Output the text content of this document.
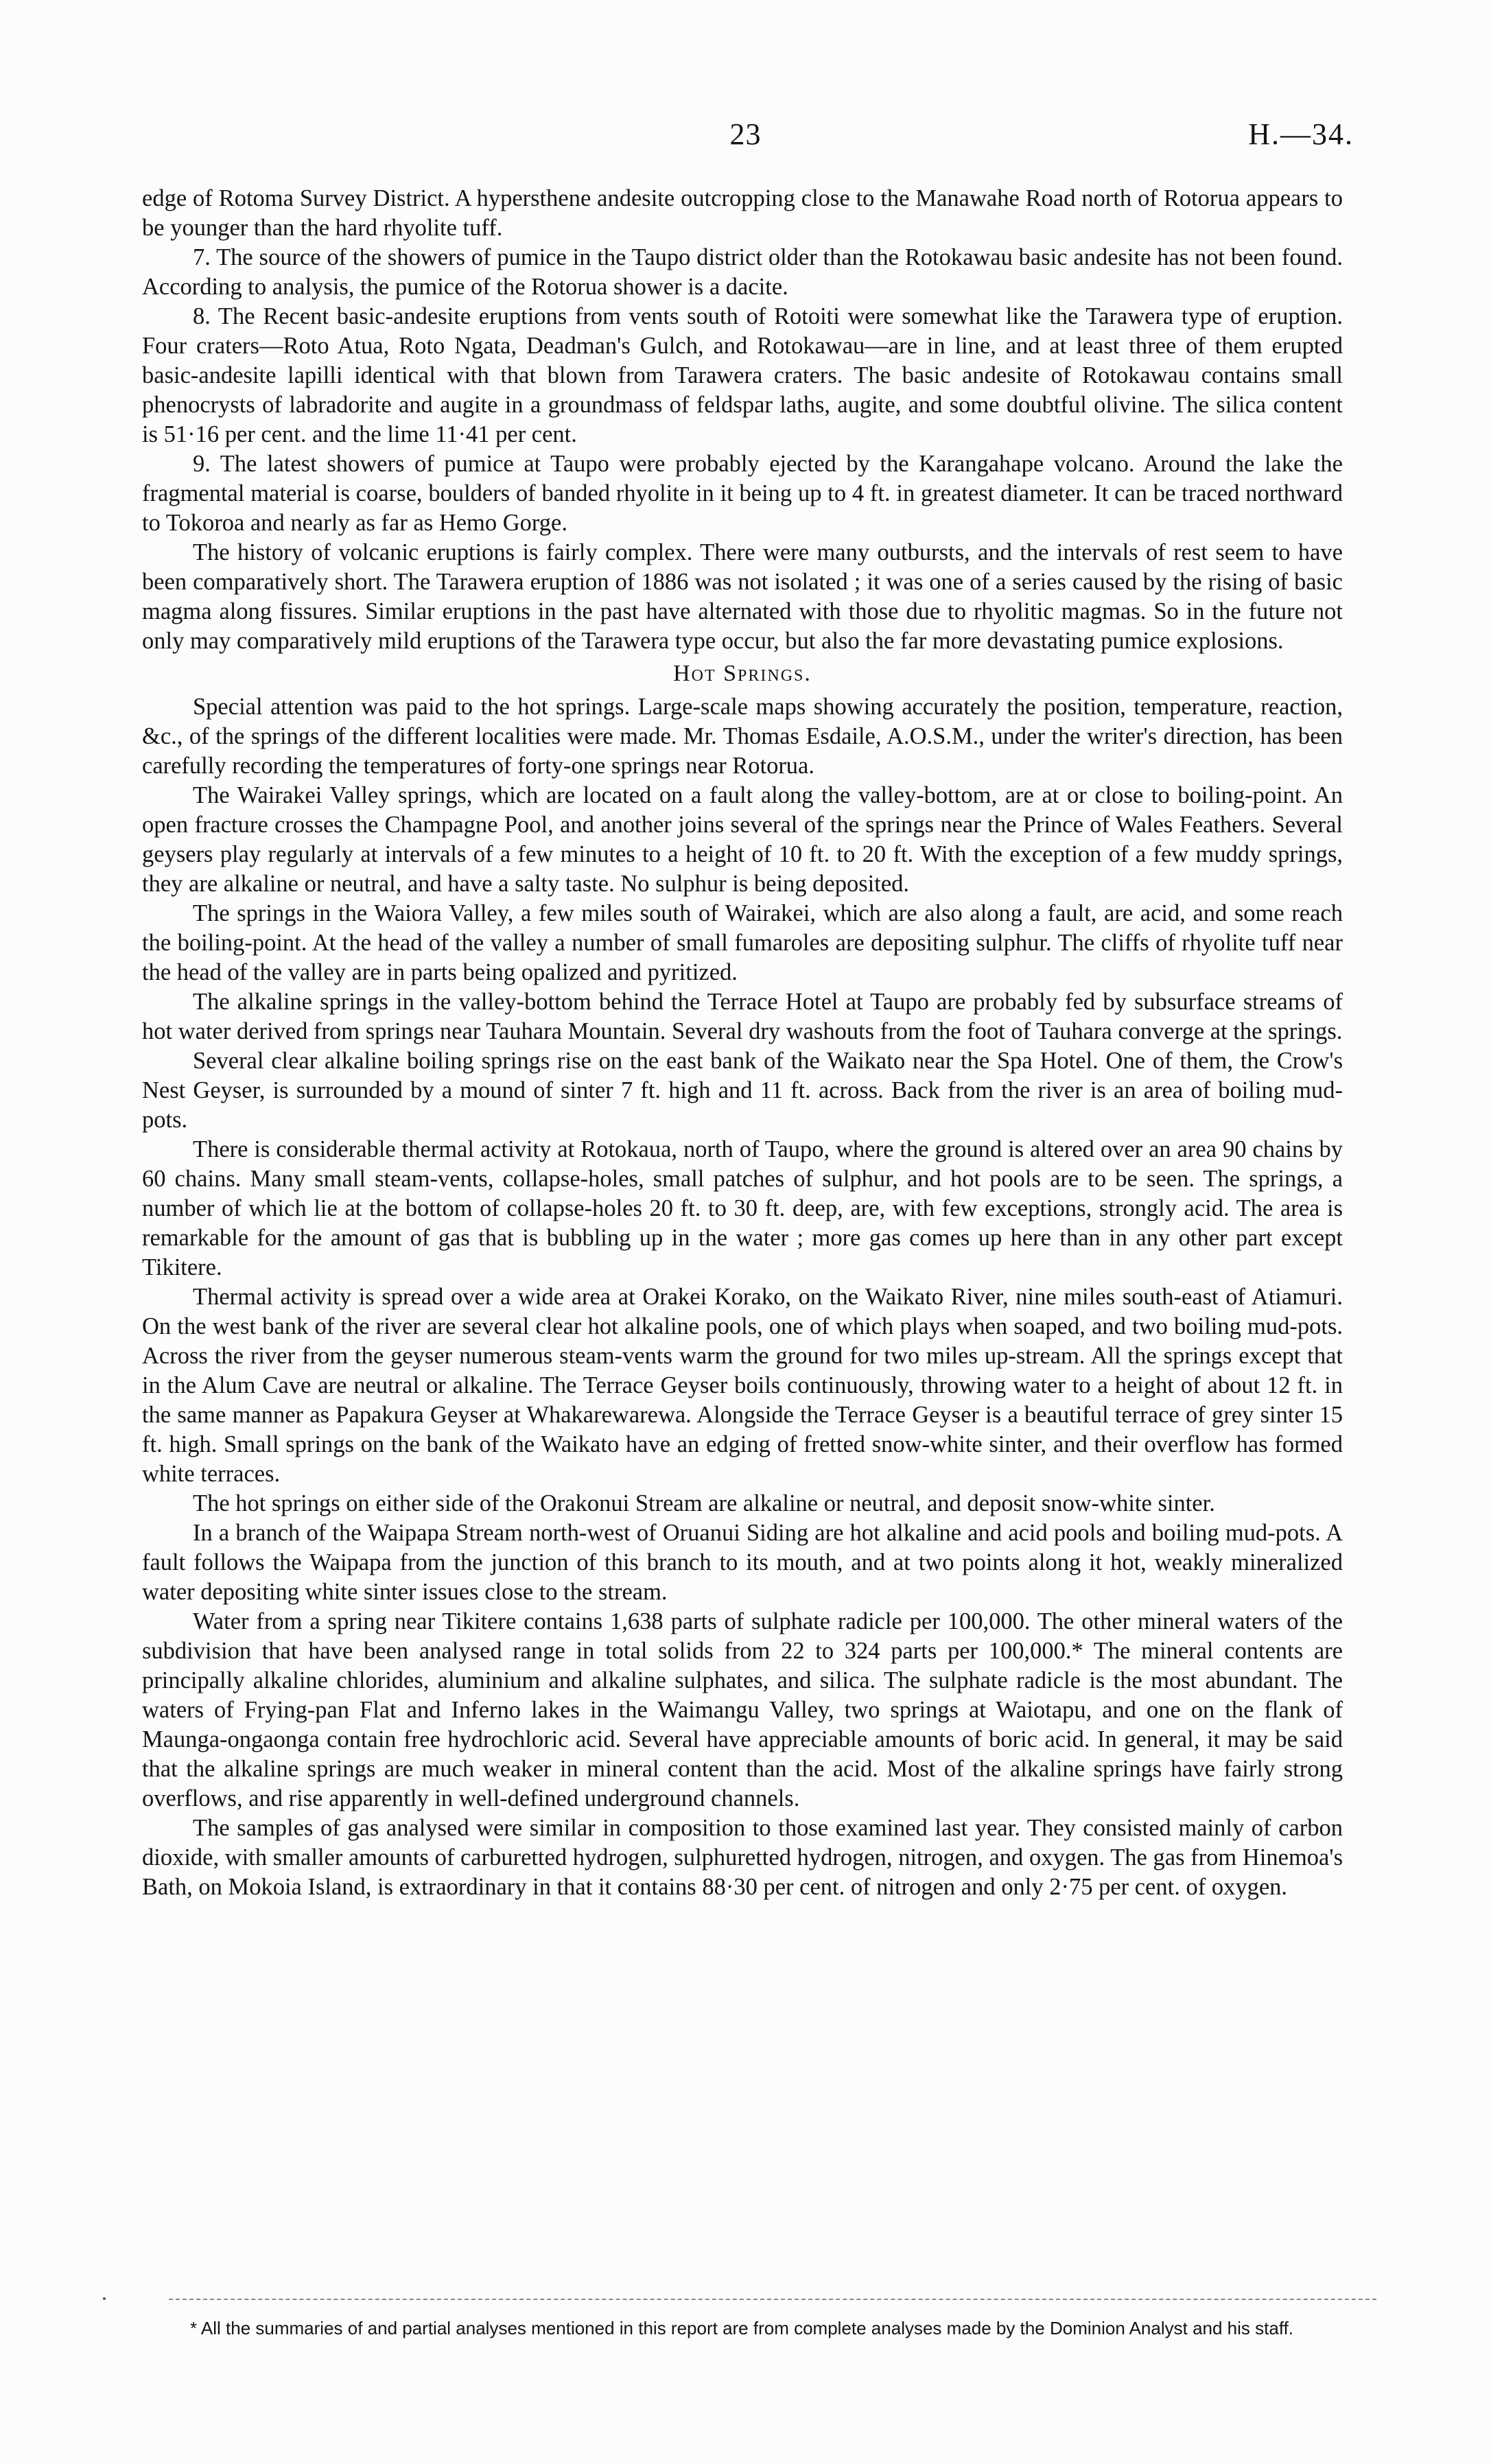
23	H.—34.

edge of Rotoma Survey District. A hypersthene andesite outcropping close to the Manawahe Road north of Rotorua appears to be younger than the hard rhyolite tuff.

7. The source of the showers of pumice in the Taupo district older than the Rotokawau basic andesite has not been found. According to analysis, the pumice of the Rotorua shower is a dacite.

8. The Recent basic-andesite eruptions from vents south of Rotoiti were somewhat like the Tarawera type of eruption. Four craters—Roto Atua, Roto Ngata, Deadman's Gulch, and Rotokawau—are in line, and at least three of them erupted basic-andesite lapilli identical with that blown from Tarawera craters. The basic andesite of Rotokawau contains small phenocrysts of labradorite and augite in a groundmass of feldspar laths, augite, and some doubtful olivine. The silica content is 51·16 per cent. and the lime 11·41 per cent.

9. The latest showers of pumice at Taupo were probably ejected by the Karangahape volcano. Around the lake the fragmental material is coarse, boulders of banded rhyolite in it being up to 4 ft. in greatest diameter. It can be traced northward to Tokoroa and nearly as far as Hemo Gorge.

The history of volcanic eruptions is fairly complex. There were many outbursts, and the intervals of rest seem to have been comparatively short. The Tarawera eruption of 1886 was not isolated ; it was one of a series caused by the rising of basic magma along fissures. Similar eruptions in the past have alternated with those due to rhyolitic magmas. So in the future not only may comparatively mild eruptions of the Tarawera type occur, but also the far more devastating pumice explosions.

Hot Springs.

Special attention was paid to the hot springs. Large-scale maps showing accurately the position, temperature, reaction, &c., of the springs of the different localities were made. Mr. Thomas Esdaile, A.O.S.M., under the writer's direction, has been carefully recording the temperatures of forty-one springs near Rotorua.

The Wairakei Valley springs, which are located on a fault along the valley-bottom, are at or close to boiling-point. An open fracture crosses the Champagne Pool, and another joins several of the springs near the Prince of Wales Feathers. Several geysers play regularly at intervals of a few minutes to a height of 10 ft. to 20 ft. With the exception of a few muddy springs, they are alkaline or neutral, and have a salty taste. No sulphur is being deposited.

The springs in the Waiora Valley, a few miles south of Wairakei, which are also along a fault, are acid, and some reach the boiling-point. At the head of the valley a number of small fumaroles are depositing sulphur. The cliffs of rhyolite tuff near the head of the valley are in parts being opalized and pyritized.

The alkaline springs in the valley-bottom behind the Terrace Hotel at Taupo are probably fed by subsurface streams of hot water derived from springs near Tauhara Mountain. Several dry washouts from the foot of Tauhara converge at the springs.

Several clear alkaline boiling springs rise on the east bank of the Waikato near the Spa Hotel. One of them, the Crow's Nest Geyser, is surrounded by a mound of sinter 7 ft. high and 11 ft. across. Back from the river is an area of boiling mud-pots.

There is considerable thermal activity at Rotokaua, north of Taupo, where the ground is altered over an area 90 chains by 60 chains. Many small steam-vents, collapse-holes, small patches of sulphur, and hot pools are to be seen. The springs, a number of which lie at the bottom of collapse-holes 20 ft. to 30 ft. deep, are, with few exceptions, strongly acid. The area is remarkable for the amount of gas that is bubbling up in the water ; more gas comes up here than in any other part except Tikitere.

Thermal activity is spread over a wide area at Orakei Korako, on the Waikato River, nine miles south-east of Atiamuri. On the west bank of the river are several clear hot alkaline pools, one of which plays when soaped, and two boiling mud-pots. Across the river from the geyser numerous steam-vents warm the ground for two miles up-stream. All the springs except that in the Alum Cave are neutral or alkaline. The Terrace Geyser boils continuously, throwing water to a height of about 12 ft. in the same manner as Papakura Geyser at Whakarewarewa. Alongside the Terrace Geyser is a beautiful terrace of grey sinter 15 ft. high. Small springs on the bank of the Waikato have an edging of fretted snow-white sinter, and their overflow has formed white terraces.

The hot springs on either side of the Orakonui Stream are alkaline or neutral, and deposit snow-white sinter.

In a branch of the Waipapa Stream north-west of Oruanui Siding are hot alkaline and acid pools and boiling mud-pots. A fault follows the Waipapa from the junction of this branch to its mouth, and at two points along it hot, weakly mineralized water depositing white sinter issues close to the stream.

Water from a spring near Tikitere contains 1,638 parts of sulphate radicle per 100,000. The other mineral waters of the subdivision that have been analysed range in total solids from 22 to 324 parts per 100,000.* The mineral contents are principally alkaline chlorides, aluminium and alkaline sulphates, and silica. The sulphate radicle is the most abundant. The waters of Frying-pan Flat and Inferno lakes in the Waimangu Valley, two springs at Waiotapu, and one on the flank of Maunga-ongaonga contain free hydrochloric acid. Several have appreciable amounts of boric acid. In general, it may be said that the alkaline springs are much weaker in mineral content than the acid. Most of the alkaline springs have fairly strong overflows, and rise apparently in well-defined underground channels.

The samples of gas analysed were similar in composition to those examined last year. They consisted mainly of carbon dioxide, with smaller amounts of carburetted hydrogen, sulphuretted hydrogen, nitrogen, and oxygen. The gas from Hinemoa's Bath, on Mokoia Island, is extraordinary in that it contains 88·30 per cent. of nitrogen and only 2·75 per cent. of oxygen.

* All the summaries of and partial analyses mentioned in this report are from complete analyses made by the Dominion Analyst and his staff.
